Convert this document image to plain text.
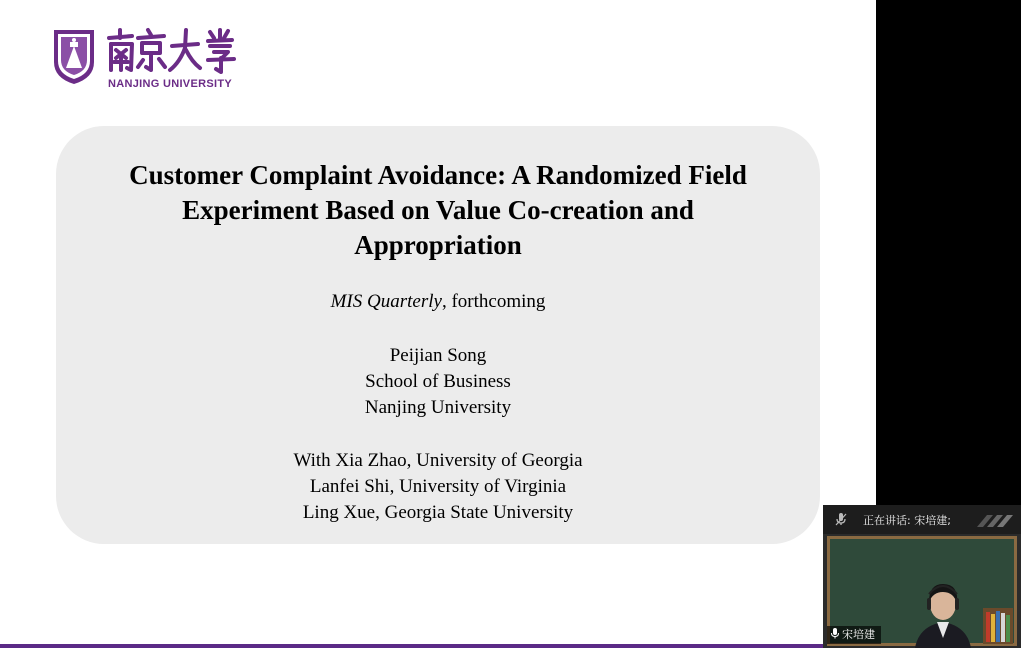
NANJING UNIVERSITY
Customer Complaint Avoidance: A Randomized Field
Experiment Based on Value Co-creation and
Appropriation
MIS Quarterly, forthcoming
Peijian Song
School of Business
Nanjing University
With Xia Zhao, University of Georgia
Lanfei Shi, University of Virginia
Ling Xue, Georgia State University	正在讲话: 宋培建;
宋培建
